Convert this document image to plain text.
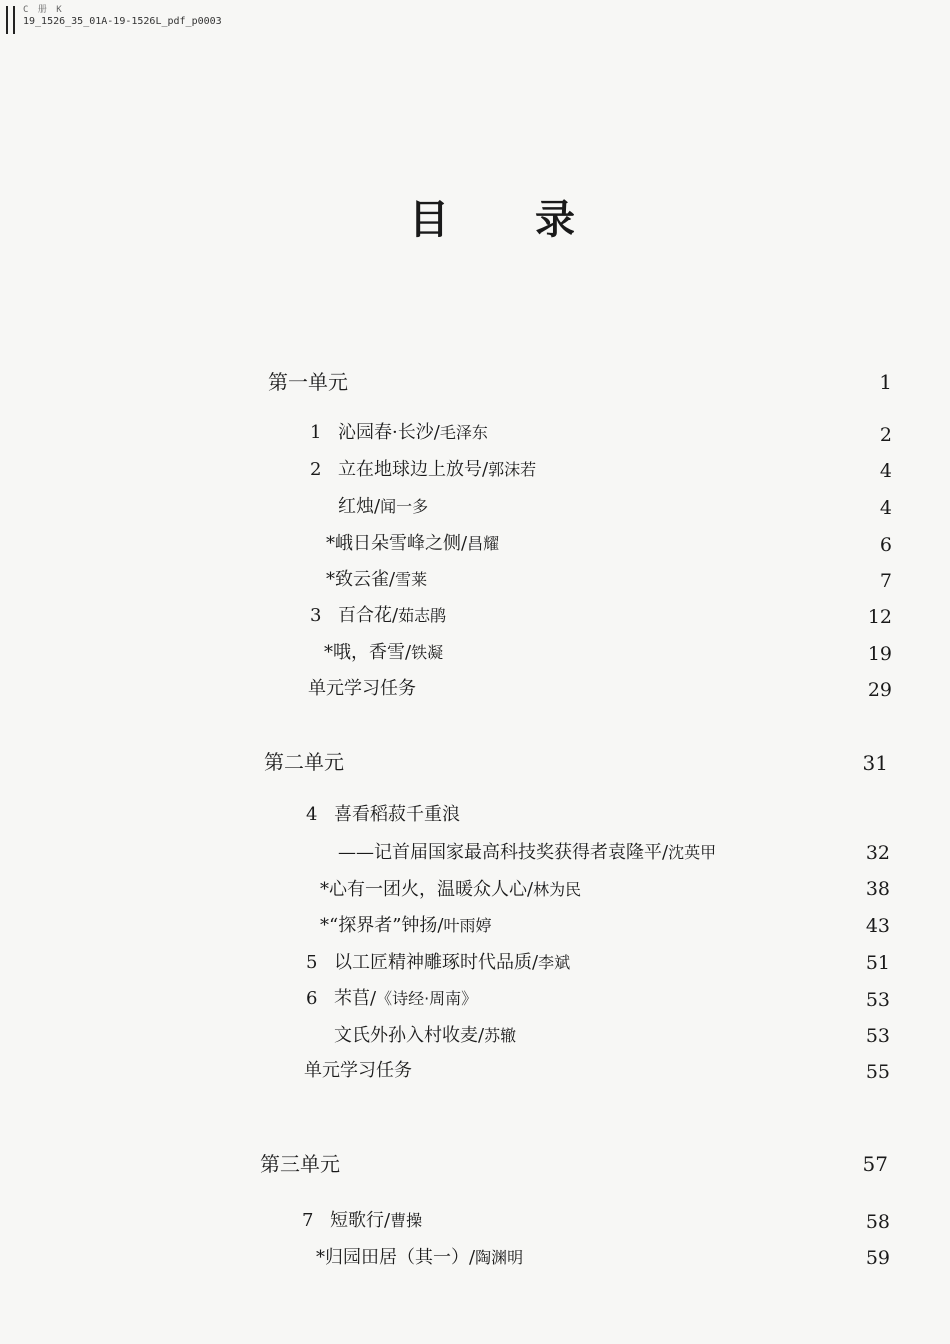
C 册 K
19_1526_35_01A-19-1526L_pdf_p0003
目 录
第一单元	1
1 沁园春·长沙/毛泽东	2
2 立在地球边上放号/郭沫若	4
红烛/闻一多	4
*峨日朵雪峰之侧/昌耀	6
*致云雀/雪莱	7
3 百合花/茹志鹃	12
*哦，香雪/铁凝	19
单元学习任务	29
第二单元	31
4 喜看稻菽千重浪
——记首届国家最高科技奖获得者袁隆平/沈英甲	32
*心有一团火，温暖众人心/林为民	38
*“探界者”钟扬/叶雨婷	43
5 以工匠精神雕琢时代品质/李斌	51
6 芣苢/《诗经·周南》	53
文氏外孙入村收麦/苏辙	53
单元学习任务	55
第三单元	57
7 短歌行/曹操	58
*归园田居（其一）/陶渊明	59
